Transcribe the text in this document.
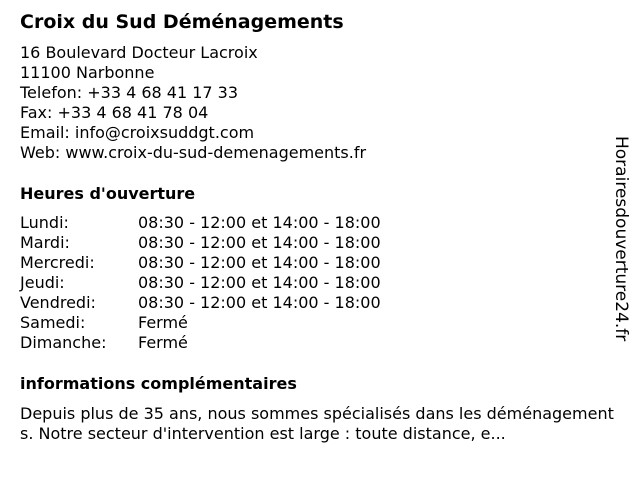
Croix du Sud Déménagements
16 Boulevard Docteur Lacroix
11100 Narbonne
Telefon: +33 4 68 41 17 33
Fax: +33 4 68 41 78 04
Email: info@croixsuddgt.com
Web: www.croix-du-sud-demenagements.fr
Heures d'ouverture
Lundi:	08:30 - 12:00 et 14:00 - 18:00
Mardi:	08:30 - 12:00 et 14:00 - 18:00
Mercredi:	08:30 - 12:00 et 14:00 - 18:00
Jeudi:	08:30 - 12:00 et 14:00 - 18:00
Vendredi:	08:30 - 12:00 et 14:00 - 18:00
Samedi:	Fermé
Dimanche: Fermé
informations complémentaires
Depuis plus de 35 ans, nous sommes spécialisés dans les déménagements. Notre secteur d'intervention est large : toute distance, e...
Horairesdouverture24.fr
